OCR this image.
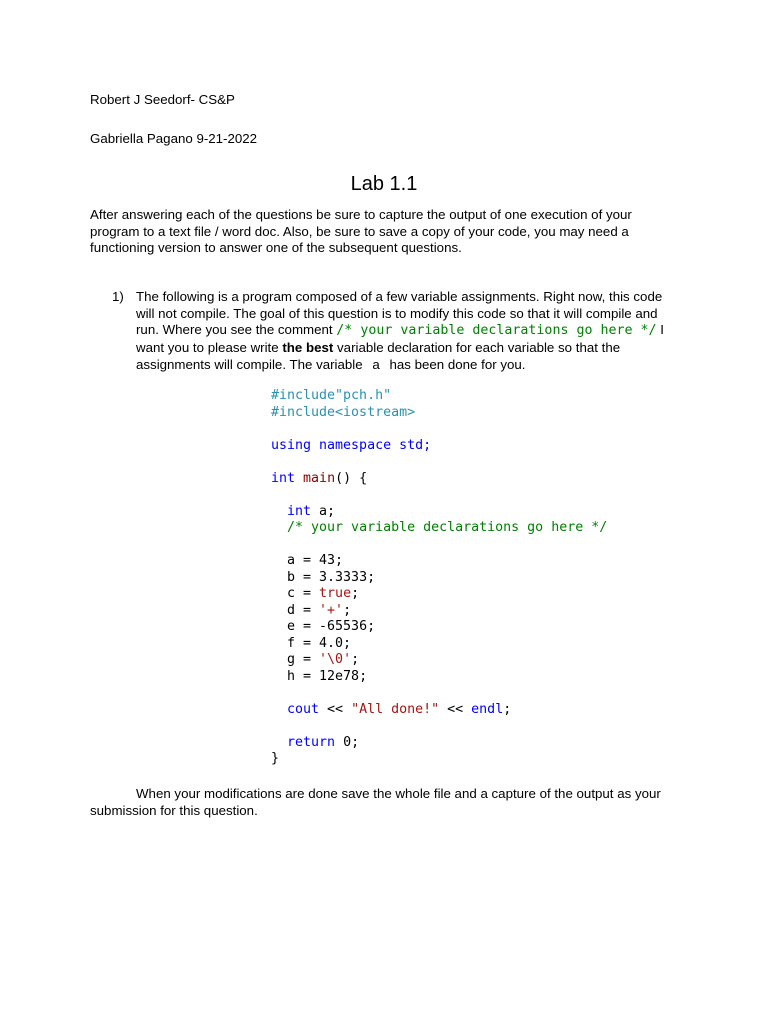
Robert J Seedorf- CS&P
Gabriella Pagano 9-21-2022
Lab 1.1
After answering each of the questions be sure to capture the output of one execution of your program to a text file / word doc. Also, be sure to save a copy of your code, you may need a functioning version to answer one of the subsequent questions.
1) The following is a program composed of a few variable assignments. Right now, this code will not compile. The goal of this question is to modify this code so that it will compile and run. Where you see the comment /* your variable declarations go here */ I want you to please write the best variable declaration for each variable so that the assignments will compile. The variable a has been done for you.
#include"pch.h"
#include<iostream>

using namespace std;

int main() {

int a;
/* your variable declarations go here */

a = 43;
b = 3.3333;
c = true;
d = '+';
e = -65536;
f = 4.0;
g = '\0';
h = 12e78;

cout << "All done!" << endl;

return 0;
}
When your modifications are done save the whole file and a capture of the output as your submission for this question.
